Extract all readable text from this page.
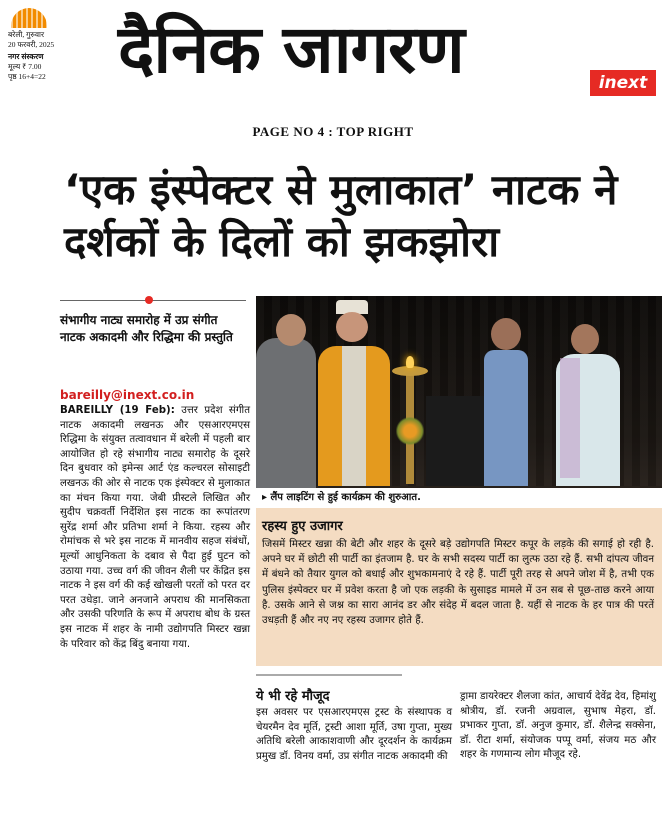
बरेली, गुरुवार
20 फरवरी, 2025
नगर संस्करण
मूल्य ₹ 7.00
पृष्ठ 16+4=22 दैनिक जागरण	inext
PAGE NO 4 : TOP RIGHT
‘एक इंस्पेक्टर से मुलाकात’ नाटक ने दर्शकों के दिलों को झकझोरा
संभागीय नाट्य समारोह में उप्र संगीत नाटक अकादमी और रिद्धिमा की प्रस्तुति
bareilly@inext.co.in
BAREILLY (19 Feb): उत्तर प्रदेश संगीत नाटक अकादमी लखनऊ और एसआरएमएस रिद्धिमा के संयुक्त तत्वावधान में बरेली में पहली बार आयोजित हो रहे संभागीय नाट्य समारोह के दूसरे दिन बुधवार को इमेन्स आर्ट एंड कल्चरल सोसाइटी लखनऊ की ओर से नाटक एक इंस्पेक्टर से मुलाकात का मंचन किया गया. जेबी प्रीस्टले लिखित और सुदीप चक्रवर्ती निर्देशित इस नाटक का रूपांतरण सुरेंद्र शर्मा और प्रतिभा शर्मा ने किया. रहस्य और रोमांचक से भरे इस नाटक में मानवीय सहज संबंधों, मूल्यों आधुनिकता के दबाव से पैदा हुई घुटन को उठाया गया. उच्च वर्ग की जीवन शैली पर केंद्रित इस नाटक ने इस वर्ग की कई खोखली परतों को परत दर परत उधेड़ा. जाने अनजाने अपराध की मानसिकता और उसकी परिणति के रूप में अपराध बोध के ग्रस्त इस नाटक में शहर के नामी उद्योगपति मिस्टर खन्ना के परिवार को केंद्र बिंदु बनाया गया.
▸ लैंप लाइटिंग से हुई कार्यक्रम की शुरुआत.
रहस्य हुए उजागर
जिसमें मिस्टर खन्ना की बेटी और शहर के दूसरे बड़े उद्योगपति मिस्टर कपूर के लड़के की सगाई हो रही है. अपने घर में छोटी सी पार्टी का इंतजाम है. घर के सभी सदस्य पार्टी का लुत्फ उठा रहे हैं. सभी दांपत्य जीवन में बंधने को तैयार युगल को बधाई और शुभकामनाएं दे रहे हैं. पार्टी पूरी तरह से अपने जोश में है, तभी एक पुलिस इंस्पेक्टर घर में प्रवेश करता है जो एक लड़की के सुसाइड मामले में उन सब से पूछ-ताछ करने आया है. उसके आने से जश्न का सारा आनंद डर और संदेह में बदल जाता है. यहीं से नाटक के हर पात्र की परतें उधड़ती हैं और नए नए रहस्य उजागर होते हैं.
ये भी रहे मौजूद
इस अवसर पर एसआरएमएस ट्रस्ट के संस्थापक व चेयरमैन देव मूर्ति, ट्रस्टी आशा मूर्ति, उषा गुप्ता, मुख्य अतिथि बरेली आकाशवाणी और दूरदर्शन के कार्यक्रम प्रमुख डॉ. विनय वर्मा, उप्र संगीत नाटक अकादमी की
ड्रामा डायरेक्टर शैलजा कांत, आचार्य देवेंद्र देव, हिमांशु श्रोत्रीय, डॉ. रजनी अग्रवाल, सुभाष मेहरा, डॉ. प्रभाकर गुप्ता, डॉ. अनुज कुमार, डॉ. शैलेन्द्र सक्सेना, डॉ. रीटा शर्मा, संयोजक पप्पू वर्मा, संजय मठ और शहर के गणमान्य लोग मौजूद रहे.
